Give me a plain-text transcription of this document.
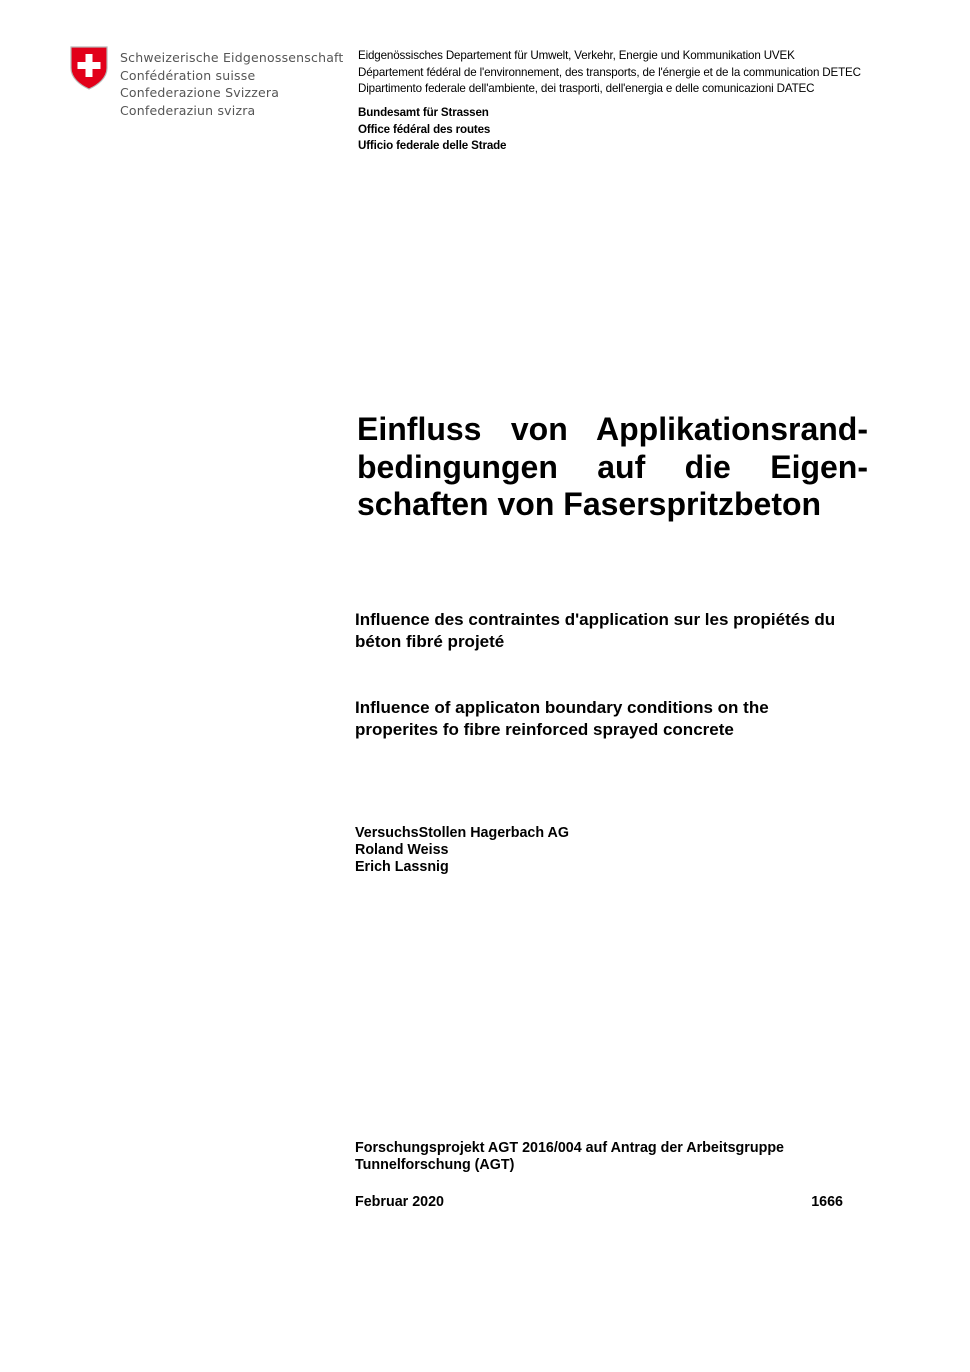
Schweizerische Eidgenossenschaft
Confédération suisse
Confederazione Svizzera
Confederaziun svizra
Eidgenössisches Departement für Umwelt, Verkehr, Energie und Kommunikation UVEK
Département fédéral de l'environnement, des transports, de l'énergie et de la communication DETEC
Dipartimento federale dell'ambiente, dei trasporti, dell'energia e delle comunicazioni DATEC
Bundesamt für Strassen
Office fédéral des routes
Ufficio federale delle Strade
Einfluss von Applikationsrand-
bedingungen auf die Eigen-
schaften von Faserspritzbeton
Influence des contraintes d'application sur les propiétés du
béton fibré projeté
Influence of applicaton boundary conditions on the
properites fo fibre reinforced sprayed concrete
VersuchsStollen Hagerbach AG
Roland Weiss
Erich Lassnig
Forschungsprojekt AGT 2016/004 auf Antrag der Arbeitsgruppe
Tunnelforschung (AGT)
Februar 2020	1666
